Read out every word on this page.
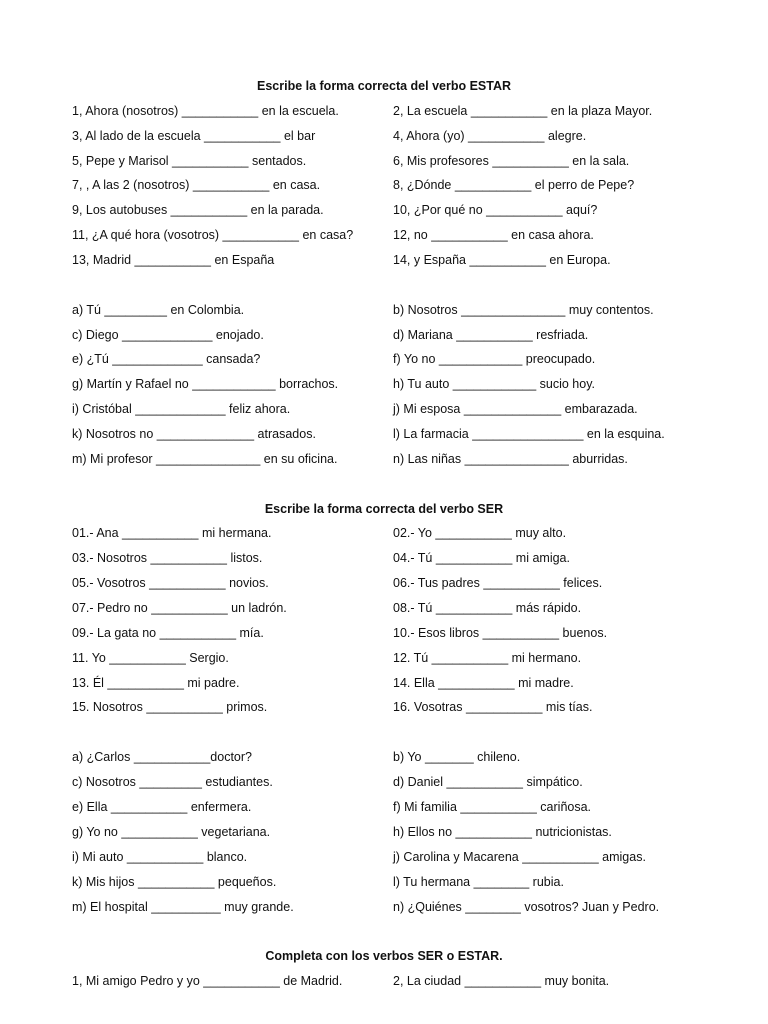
Escribe la forma correcta del verbo ESTAR
1, Ahora (nosotros) ___________ en la escuela.
3, Al lado de la escuela ___________ el bar
5, Pepe y Marisol ___________ sentados.
7, , A las 2 (nosotros) ___________ en casa.
9, Los autobuses ___________ en la parada.
11, ¿A qué hora (vosotros) ___________ en casa?
13, Madrid ___________ en España
2, La escuela ___________ en la plaza Mayor.
4, Ahora (yo) ___________ alegre.
6, Mis profesores ___________ en la sala.
8, ¿Dónde ___________ el perro de Pepe?
10, ¿Por qué no ___________ aquí?
12, no ___________ en casa ahora.
14, y España ___________ en Europa.
a) Tú _________ en Colombia.
c) Diego _____________ enojado.
e) ¿Tú _____________ cansada?
g) Martín y Rafael no ____________ borrachos.
i) Cristóbal _____________ feliz ahora.
k) Nosotros no ______________ atrasados.
m) Mi profesor _______________ en su oficina.
b) Nosotros _______________ muy contentos.
d) Mariana ___________ resfriada.
f) Yo no ____________ preocupado.
h) Tu auto ____________ sucio hoy.
j) Mi esposa ______________ embarazada.
l) La farmacia ________________ en la esquina.
n) Las niñas _______________ aburridas.
Escribe la forma correcta del verbo SER
01.- Ana ___________ mi hermana.
03.- Nosotros ___________ listos.
05.- Vosotros ___________ novios.
07.- Pedro no ___________ un ladrón.
09.- La gata no ___________ mía.
11. Yo ___________ Sergio.
13. Él ___________ mi padre.
15. Nosotros ___________ primos.
02.- Yo ___________ muy alto.
04.- Tú ___________ mi amiga.
06.- Tus padres ___________ felices.
08.- Tú ___________ más rápido.
10.- Esos libros ___________ buenos.
12. Tú ___________ mi hermano.
14. Ella ___________ mi madre.
16. Vosotras ___________ mis tías.
a) ¿Carlos ___________doctor?
c) Nosotros _________ estudiantes.
e) Ella ___________ enfermera.
g) Yo no ___________ vegetariana.
i) Mi auto ___________ blanco.
k) Mis hijos ___________ pequeños.
m) El hospital __________ muy grande.
b) Yo _______ chileno.
d) Daniel ___________ simpático.
f) Mi familia ___________ cariñosa.
h) Ellos no ___________ nutricionistas.
j) Carolina y Macarena ___________ amigas.
l) Tu hermana ________ rubia.
n) ¿Quiénes ________ vosotros? Juan y Pedro.
Completa con los verbos SER o ESTAR.
1, Mi amigo Pedro y yo ___________ de Madrid.	2, La ciudad ___________ muy bonita.
